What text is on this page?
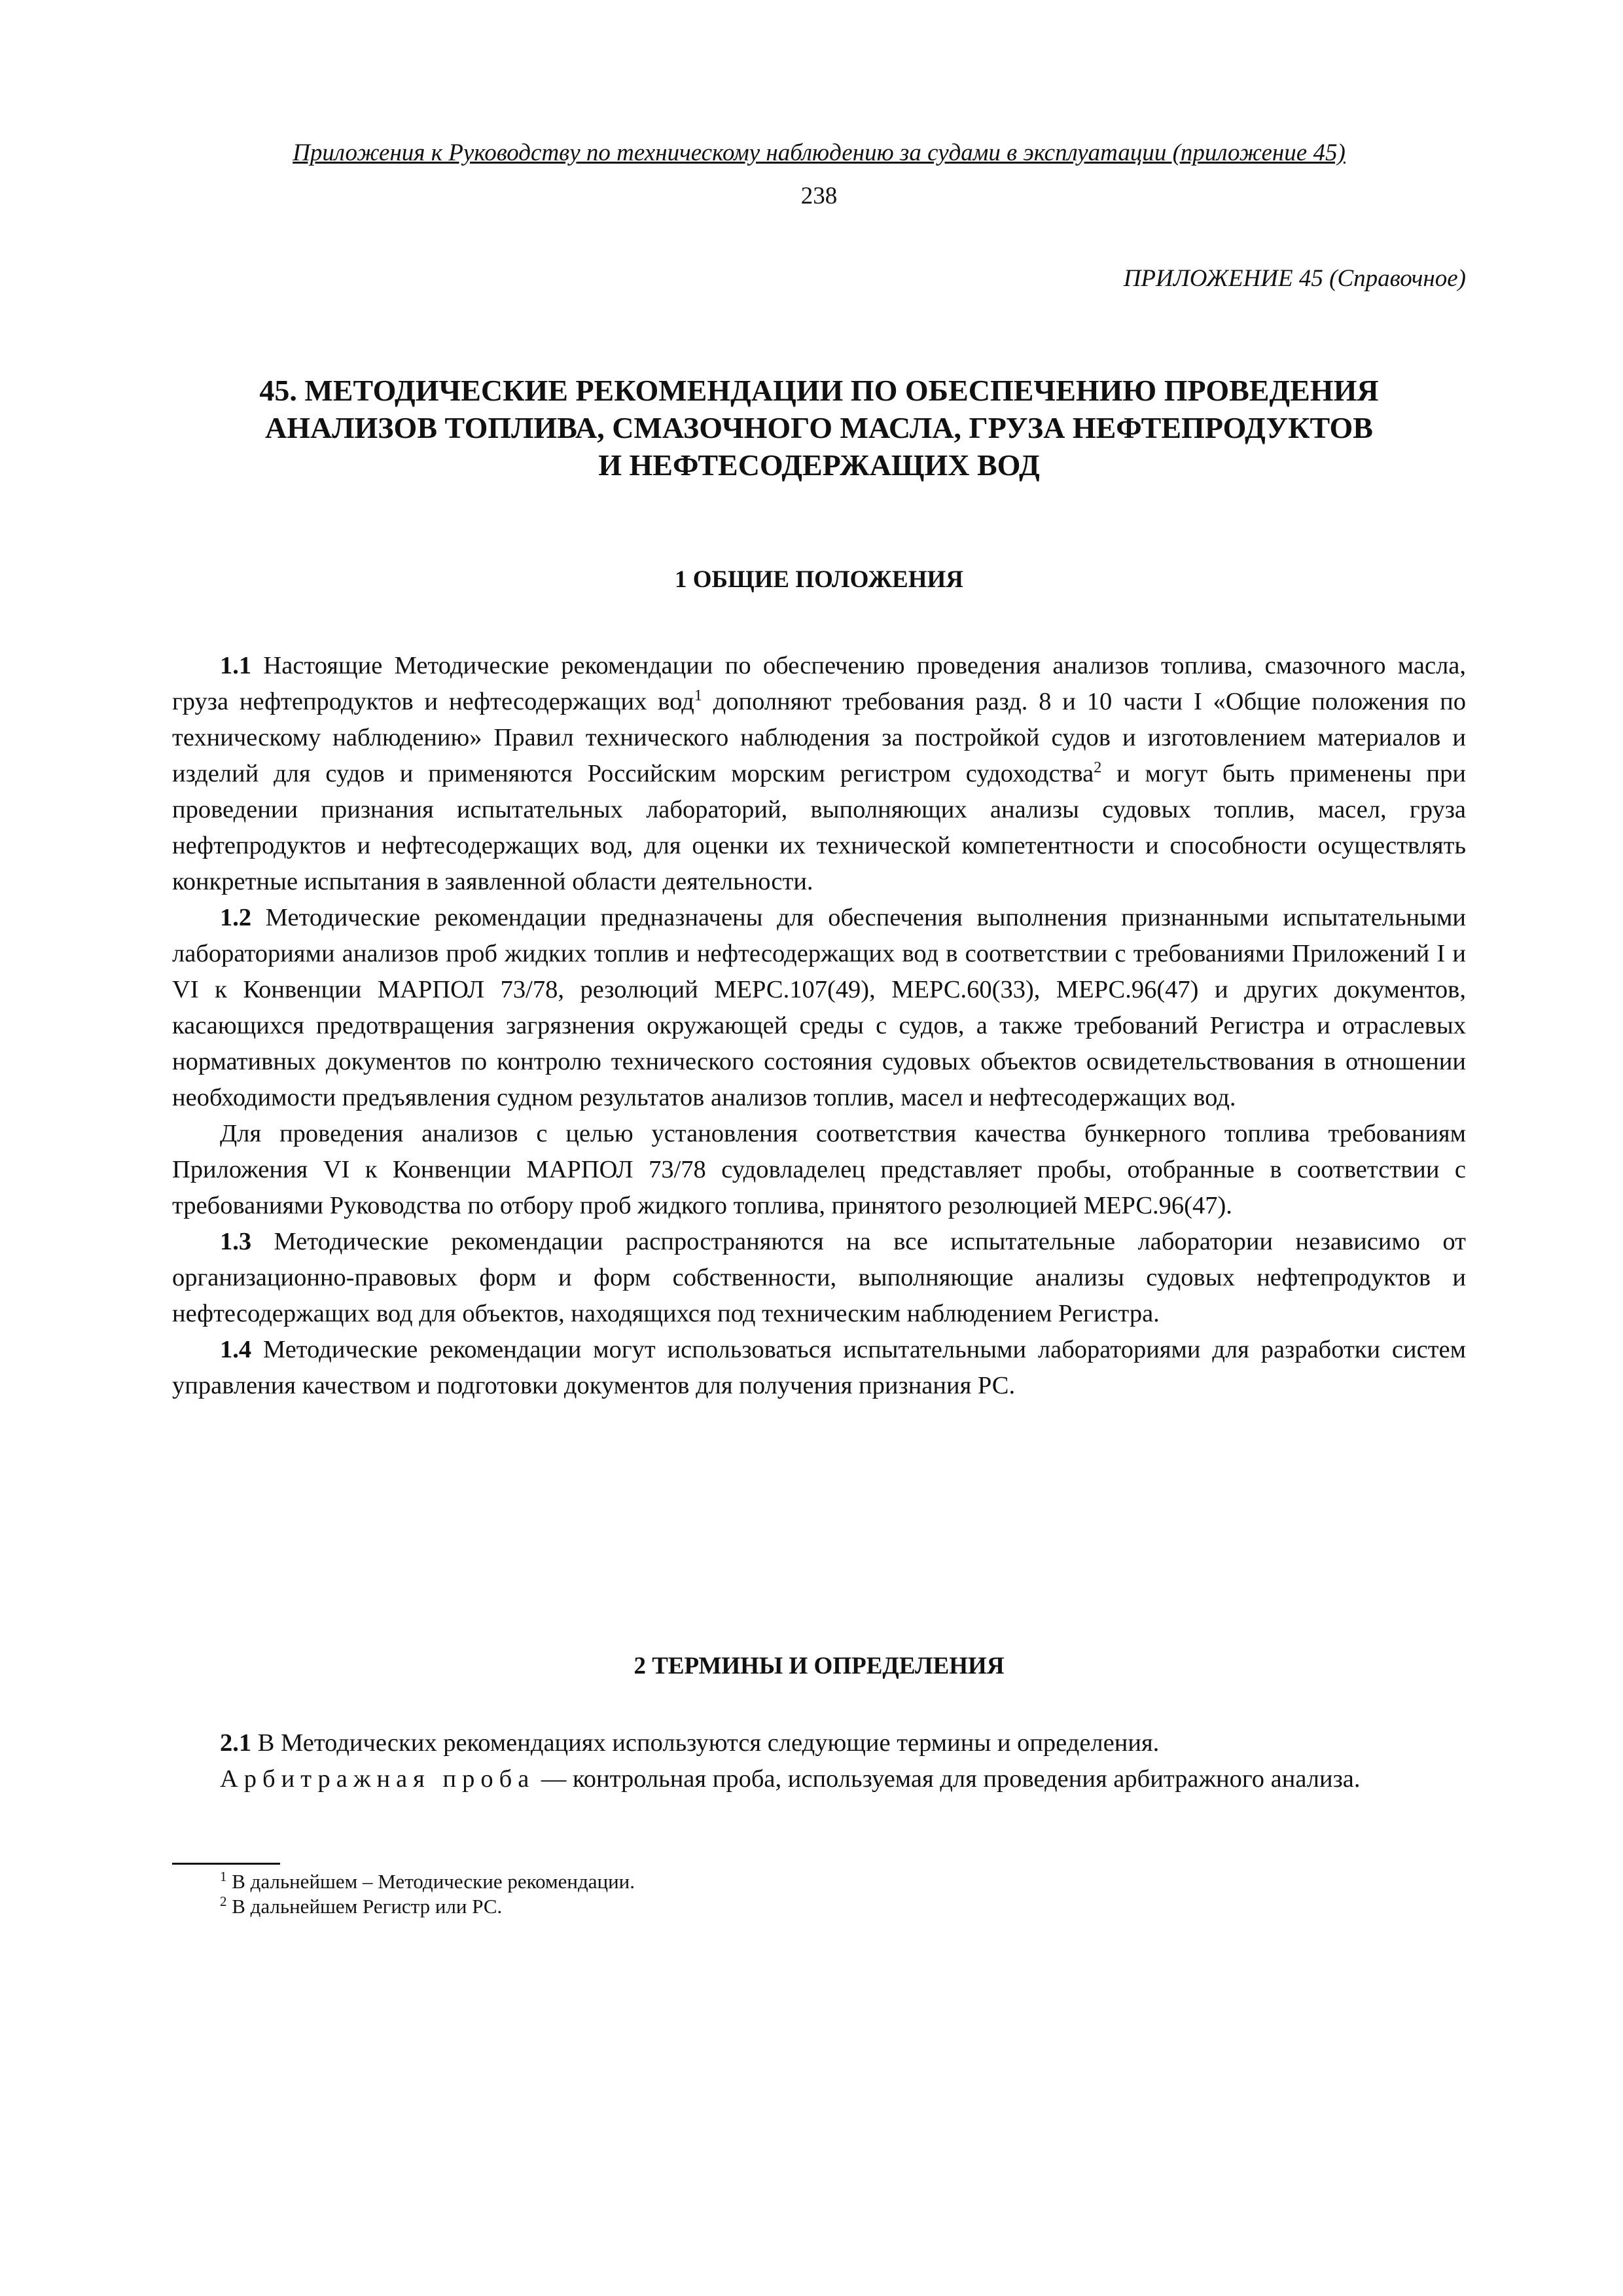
Приложения к Руководству по техническому наблюдению за судами в эксплуатации (приложение 45)
238
ПРИЛОЖЕНИЕ 45 (Справочное)
45. МЕТОДИЧЕСКИЕ РЕКОМЕНДАЦИИ ПО ОБЕСПЕЧЕНИЮ ПРОВЕДЕНИЯ
АНАЛИЗОВ ТОПЛИВА, СМАЗОЧНОГО МАСЛА, ГРУЗА НЕФТЕПРОДУКТОВ
И НЕФТЕСОДЕРЖАЩИХ ВОД
1 ОБЩИЕ ПОЛОЖЕНИЯ

1.1 Настоящие Методические рекомендации по обеспечению проведения анализов топлива, смазочного масла, груза нефтепродуктов и нефтесодержащих вод$^1$ дополняют требования разд. 8 и 10 части I «Общие положения по техническому наблюдению» Правил технического наблюдения за постройкой судов и изготовлением материалов и изделий для судов и применяются Российским морским регистром судоходства$^2$ и могут быть применены при проведении признания испытательных лабораторий, выполняющих анализы судовых топлив, масел, груза нефтепродуктов и нефтесодержащих вод, для оценки их технической компетентности и способности осуществлять конкретные испытания в заявленной области деятельности.

1.2 Методические рекомендации предназначены для обеспечения выполнения признанными испытательными лабораториями анализов проб жидких топлив и нефтесодержащих вод в соответствии с требованиями Приложений I и VI к Конвенции МАРПОЛ 73/78, резолюций МЕРС.107(49), МЕРС.60(33), МЕРС.96(47) и других документов, касающихся предотвращения загрязнения окружающей среды с судов, а также требований Регистра и отраслевых нормативных документов по контролю технического состояния судовых объектов освидетельствования в отношении необходимости предъявления судном результатов анализов топлив, масел и нефтесодержащих вод.

Для проведения анализов с целью установления соответствия качества бункерного топлива требованиям Приложения VI к Конвенции МАРПОЛ 73/78 судовладелец представляет пробы, отобранные в соответствии с требованиями Руководства по отбору проб жидкого топлива, принятого резолюцией МЕРС.96(47).

1.3 Методические рекомендации распространяются на все испытательные лаборатории независимо от организационно-правовых форм и форм собственности, выполняющие анализы судовых нефтепродуктов и нефтесодержащих вод для объектов, находящихся под техническим наблюдением Регистра.

1.4 Методические рекомендации могут использоваться испытательными лабораториями для разработки систем управления качеством и подготовки документов для получения признания РС.

2 ТЕРМИНЫ И ОПРЕДЕЛЕНИЯ

2.1 В Методических рекомендациях используются следующие термины и определения.

Арбитражная проба — контрольная проба, используемая для проведения арбитражного анализа.

$^1$ В дальнейшем – Методические рекомендации.
$^2$ В дальнейшем Регистр или РС.
